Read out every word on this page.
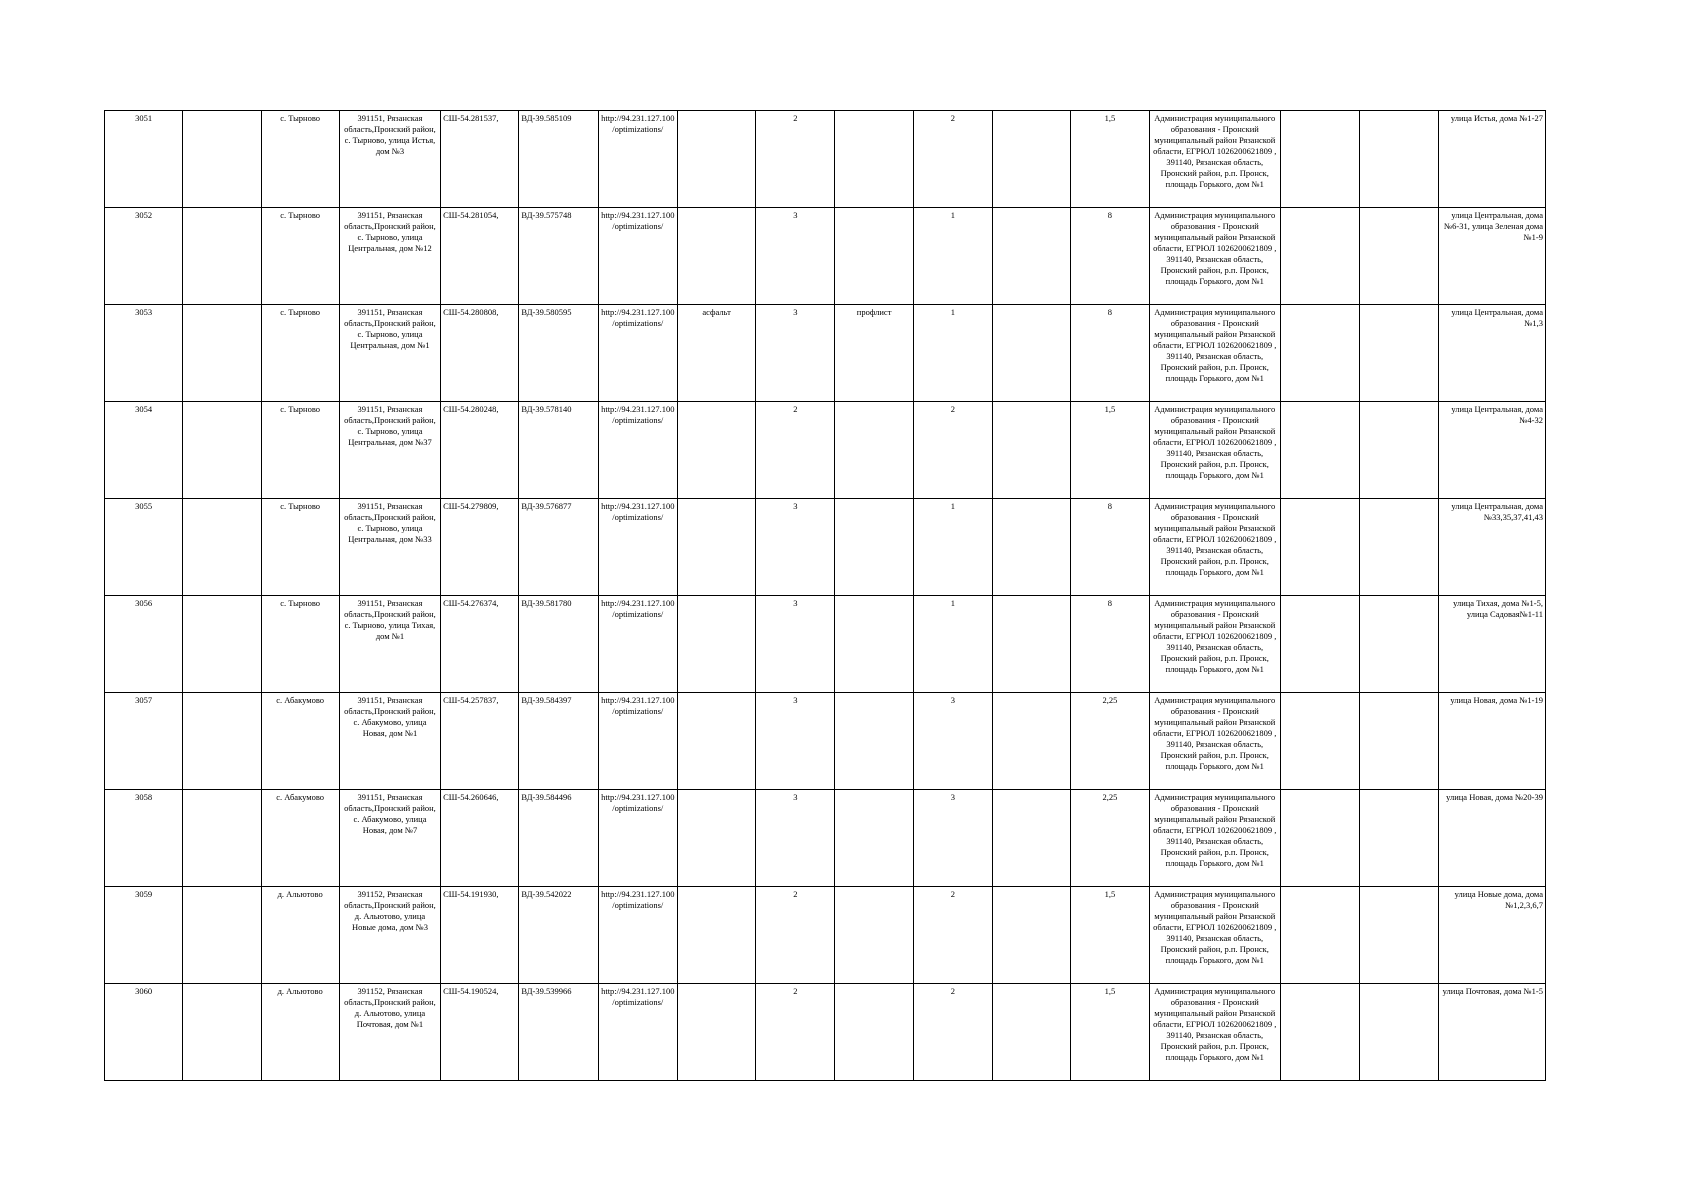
3051		с. Тырново	391151, Рязанская область,Пронский район, с. Тырново, улица Истья, дом №3	СШ-54.281537,	ВД-39.585109	http://94.231.127.100/optimizations/		2		2		1,5	Администрация муниципального образования - Пронский муниципальный район Рязанской области, ЕГРЮЛ 1026200621809 , 391140, Рязанская область, Пронский район, р.п. Пронск, площадь Горького, дом №1			улица Истья, дома №1-27
3052		с. Тырново	391151, Рязанская область,Пронский район, с. Тырново, улица Центральная, дом №12	СШ-54.281054,	ВД-39.575748	http://94.231.127.100/optimizations/		3		1		8	Администрация муниципального образования - Пронский муниципальный район Рязанской области, ЕГРЮЛ 1026200621809 , 391140, Рязанская область, Пронский район, р.п. Пронск, площадь Горького, дом №1			улица Центральная, дома №6-31, улица Зеленая дома №1-9
3053		с. Тырново	391151, Рязанская область,Пронский район, с. Тырново, улица Центральная, дом №1	СШ-54.280808,	ВД-39.580595	http://94.231.127.100/optimizations/	асфальт	3	профлист	1		8	Администрация муниципального образования - Пронский муниципальный район Рязанской области, ЕГРЮЛ 1026200621809 , 391140, Рязанская область, Пронский район, р.п. Пронск, площадь Горького, дом №1			улица Центральная, дома №1,3
3054		с. Тырново	391151, Рязанская область,Пронский район, с. Тырново, улица Центральная, дом №37	СШ-54.280248,	ВД-39.578140	http://94.231.127.100/optimizations/		2		2		1,5	Администрация муниципального образования - Пронский муниципальный район Рязанской области, ЕГРЮЛ 1026200621809 , 391140, Рязанская область, Пронский район, р.п. Пронск, площадь Горького, дом №1			улица Центральная, дома №4-32
3055		с. Тырново	391151, Рязанская область,Пронский район, с. Тырново, улица Центральная, дом №33	СШ-54.279809,	ВД-39.576877	http://94.231.127.100/optimizations/		3		1		8	Администрация муниципального образования - Пронский муниципальный район Рязанской области, ЕГРЮЛ 1026200621809 , 391140, Рязанская область, Пронский район, р.п. Пронск, площадь Горького, дом №1			улица Центральная, дома №33,35,37,41,43
3056		с. Тырново	391151, Рязанская область,Пронский район, с. Тырново, улица Тихая, дом №1	СШ-54.276374,	ВД-39.581780	http://94.231.127.100/optimizations/		3		1		8	Администрация муниципального образования - Пронский муниципальный район Рязанской области, ЕГРЮЛ 1026200621809 , 391140, Рязанская область, Пронский район, р.п. Пронск, площадь Горького, дом №1			улица Тихая, дома №1-5, улица Садовая№1-11
3057		с. Абакумово	391151, Рязанская область,Пронский район, с. Абакумово, улица Новая, дом №1	СШ-54.257837,	ВД-39.584397	http://94.231.127.100/optimizations/		3		3		2,25	Администрация муниципального образования - Пронский муниципальный район Рязанской области, ЕГРЮЛ 1026200621809 , 391140, Рязанская область, Пронский район, р.п. Пронск, площадь Горького, дом №1			улица Новая, дома №1-19
3058		с. Абакумово	391151, Рязанская область,Пронский район, с. Абакумово, улица Новая, дом №7	СШ-54.260646,	ВД-39.584496	http://94.231.127.100/optimizations/		3		3		2,25	Администрация муниципального образования - Пронский муниципальный район Рязанской области, ЕГРЮЛ 1026200621809 , 391140, Рязанская область, Пронский район, р.п. Пронск, площадь Горького, дом №1			улица Новая, дома №20-39
3059		д. Альютово	391152, Рязанская область,Пронский район, д. Альютово, улица Новые дома, дом №3	СШ-54.191930,	ВД-39.542022	http://94.231.127.100/optimizations/		2		2		1,5	Администрация муниципального образования - Пронский муниципальный район Рязанской области, ЕГРЮЛ 1026200621809 , 391140, Рязанская область, Пронский район, р.п. Пронск, площадь Горького, дом №1			улица Новые дома, дома №1,2,3,6,7
3060		д. Альютово	391152, Рязанская область,Пронский район, д. Альютово, улица Почтовая, дом №1	СШ-54.190524,	ВД-39.539966	http://94.231.127.100/optimizations/		2		2		1,5	Администрация муниципального образования - Пронский муниципальный район Рязанской области, ЕГРЮЛ 1026200621809 , 391140, Рязанская область, Пронский район, р.п. Пронск, площадь Горького, дом №1			улица Почтовая, дома №1-5
